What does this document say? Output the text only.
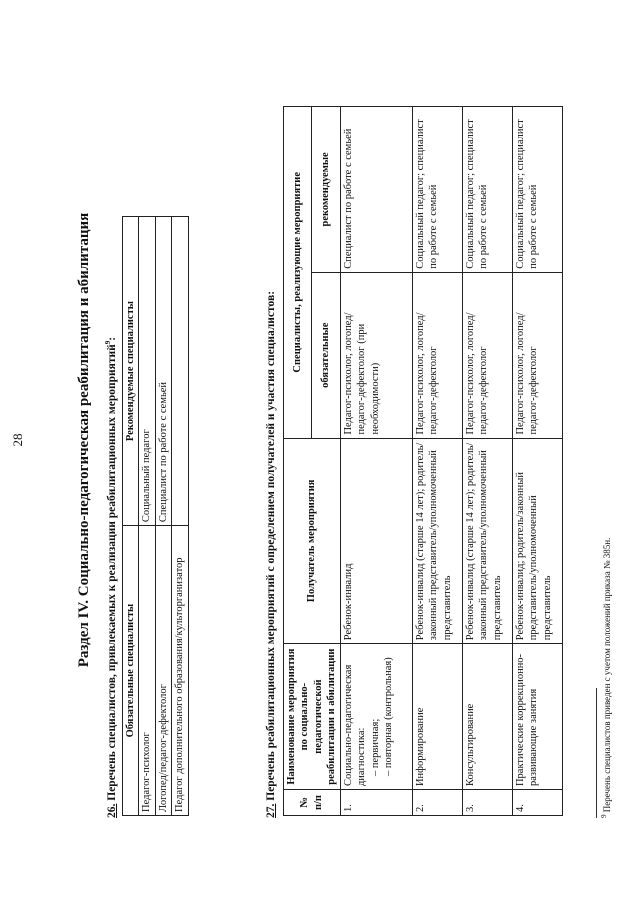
28	Раздел IV. Социально-педагогическая реабилитация и абилитация
26. Перечень специалистов, привлекаемых к реализации реабилитационных мероприятий$^9$:
Обязательные специалисты	Рекомендуемые специалисты
Педагог-психолог	Социальный педагог
Логопед/педагог-дефектолог	Специалист по работе с семьей
Педагог дополнительного образования/культорганизатор		27. Перечень реабилитационных мероприятий с определением получателей и участия специалистов:
№ п/п	Наименование мероприятия по социально-педагогической реабилитации и абилитации	Получатель мероприятия	Специалисты, реализующие мероприятие	
			обязательные	рекомендуемые
1.	Социально-педагогическая диагностика: – первичная;
– повторная (контрольная)	Ребенок-инвалид	Педагог-психолог, логопед/педагог-дефектолог (при необходимости)	Специалист по работе с семьей
2.	Информирование	Ребенок-инвалид (старше 14 лет); родитель/законный представитель/уполномоченный представитель	Педагог-психолог, логопед/педагог-дефектолог	Социальный педагог; специалист по работе с семьей
3.	Консультирование	Ребенок-инвалид (старше 14 лет); родитель/законный представитель/уполномоченный представитель	Педагог-психолог, логопед/педагог-дефектолог	Социальный педагог; специалист по работе с семьей
4.	Практические коррекционно-развивающие занятия	Ребенок-инвалид; родитель/законный представитель/уполномоченный представитель	Педагог-психолог, логопед/педагог-дефектолог	Социальный педагог; специалист по работе с семьей
$^9$ Перечень специалистов приведен с учетом положений приказа № 385н.
